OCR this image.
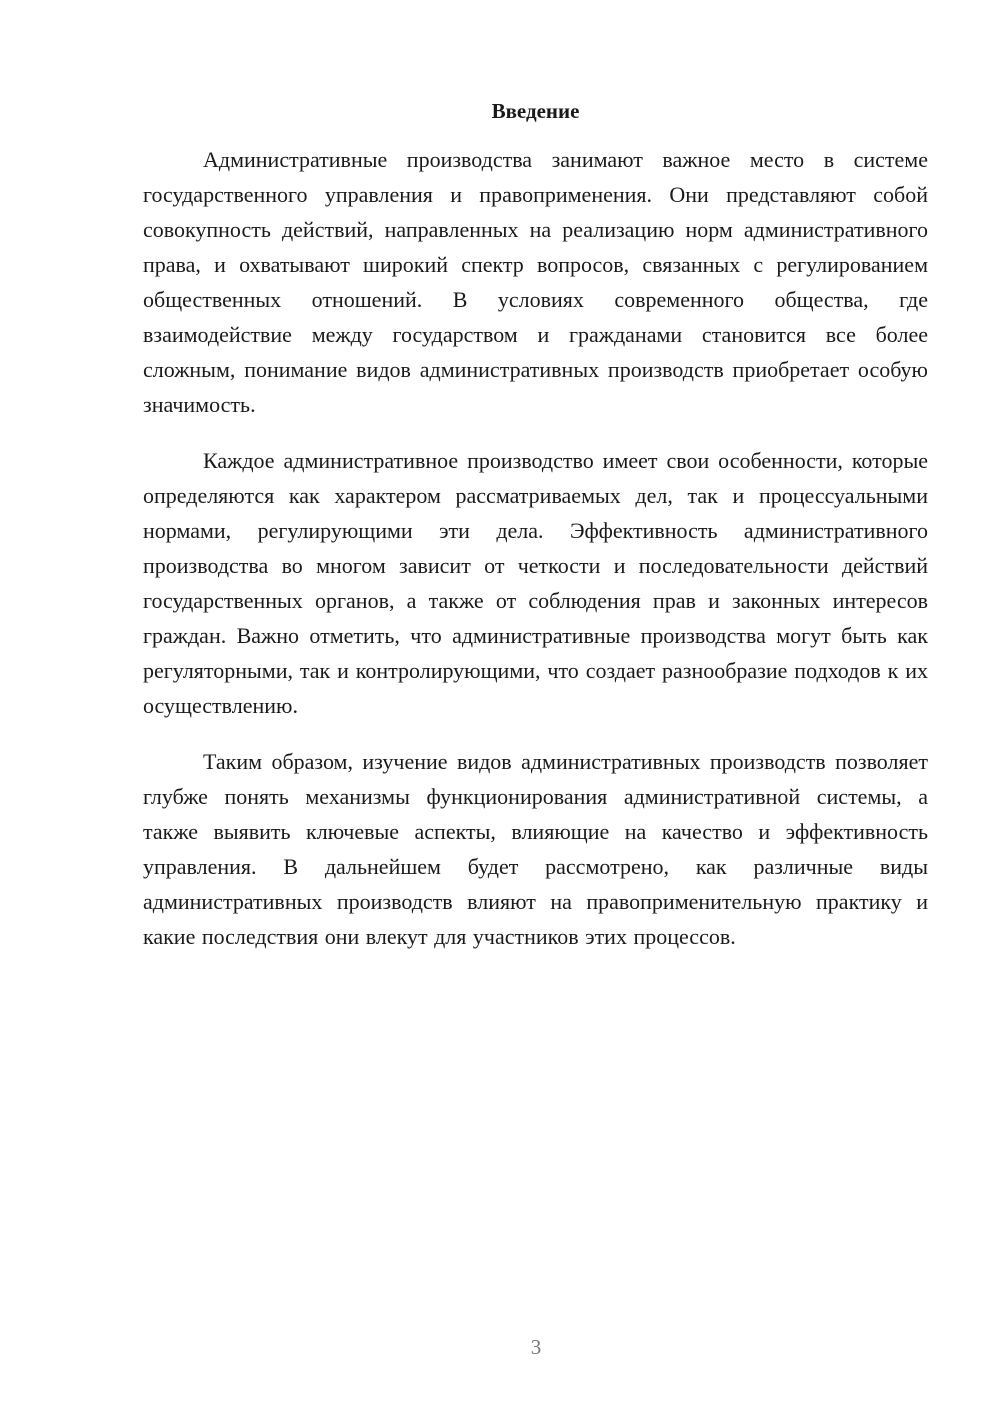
Введение

Административные производства занимают важное место в системе государственного управления и правоприменения. Они представляют собой совокупность действий, направленных на реализацию норм административного права, и охватывают широкий спектр вопросов, связанных с регулированием общественных отношений. В условиях современного общества, где взаимодействие между государством и гражданами становится все более сложным, понимание видов административных производств приобретает особую значимость.

Каждое административное производство имеет свои особенности, которые определяются как характером рассматриваемых дел, так и процессуальными нормами, регулирующими эти дела. Эффективность административного производства во многом зависит от четкости и последовательности действий государственных органов, а также от соблюдения прав и законных интересов граждан. Важно отметить, что административные производства могут быть как регуляторными, так и контролирующими, что создает разнообразие подходов к их осуществлению.

Таким образом, изучение видов административных производств позволяет глубже понять механизмы функционирования административной системы, а также выявить ключевые аспекты, влияющие на качество и эффективность управления. В дальнейшем будет рассмотрено, как различные виды административных производств влияют на правоприменительную практику и какие последствия они влекут для участников этих процессов.

3
